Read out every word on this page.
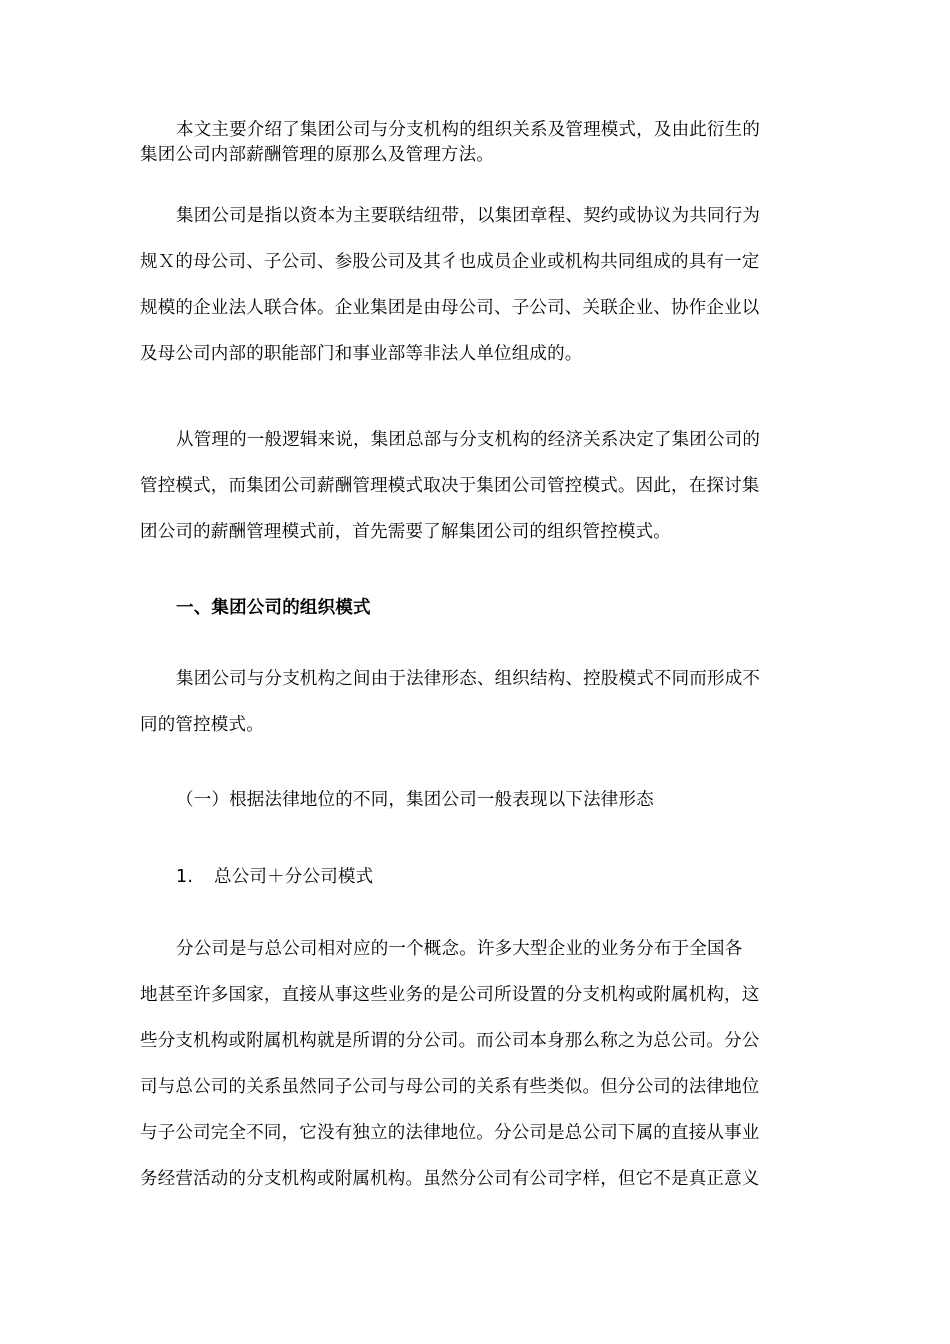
本文主要介绍了集团公司与分支机构的组织关系及管理模式，及由此衍生的
集团公司内部薪酬管理的原那么及管理方法。
集团公司是指以资本为主要联结纽带，以集团章程、契约或协议为共同行为
规Ｘ的母公司、子公司、参股公司及其彳也成员企业或机构共同组成的具有一定
规模的企业法人联合体。企业集团是由母公司、子公司、关联企业、协作企业以
及母公司内部的职能部门和事业部等非法人单位组成的。
从管理的一般逻辑来说，集团总部与分支机构的经济关系决定了集团公司的
管控模式，而集团公司薪酬管理模式取决于集团公司管控模式。因此，在探讨集
团公司的薪酬管理模式前，首先需要了解集团公司的组织管控模式。
一、集团公司的组织模式
集团公司与分支机构之间由于法律形态、组织结构、控股模式不同而形成不
同的管控模式。
（一）根据法律地位的不同，集团公司一般表现以下法律形态
1. 总公司＋分公司模式
分公司是与总公司相对应的一个概念。许多大型企业的业务分布于全国各
地甚至许多国家，直接从事这些业务的是公司所设置的分支机构或附属机构，这
些分支机构或附属机构就是所谓的分公司。而公司本身那么称之为总公司。分公
司与总公司的关系虽然同子公司与母公司的关系有些类似。但分公司的法律地位
与子公司完全不同，它没有独立的法律地位。分公司是总公司下属的直接从事业
务经营活动的分支机构或附属机构。虽然分公司有公司字样，但它不是真正意义
